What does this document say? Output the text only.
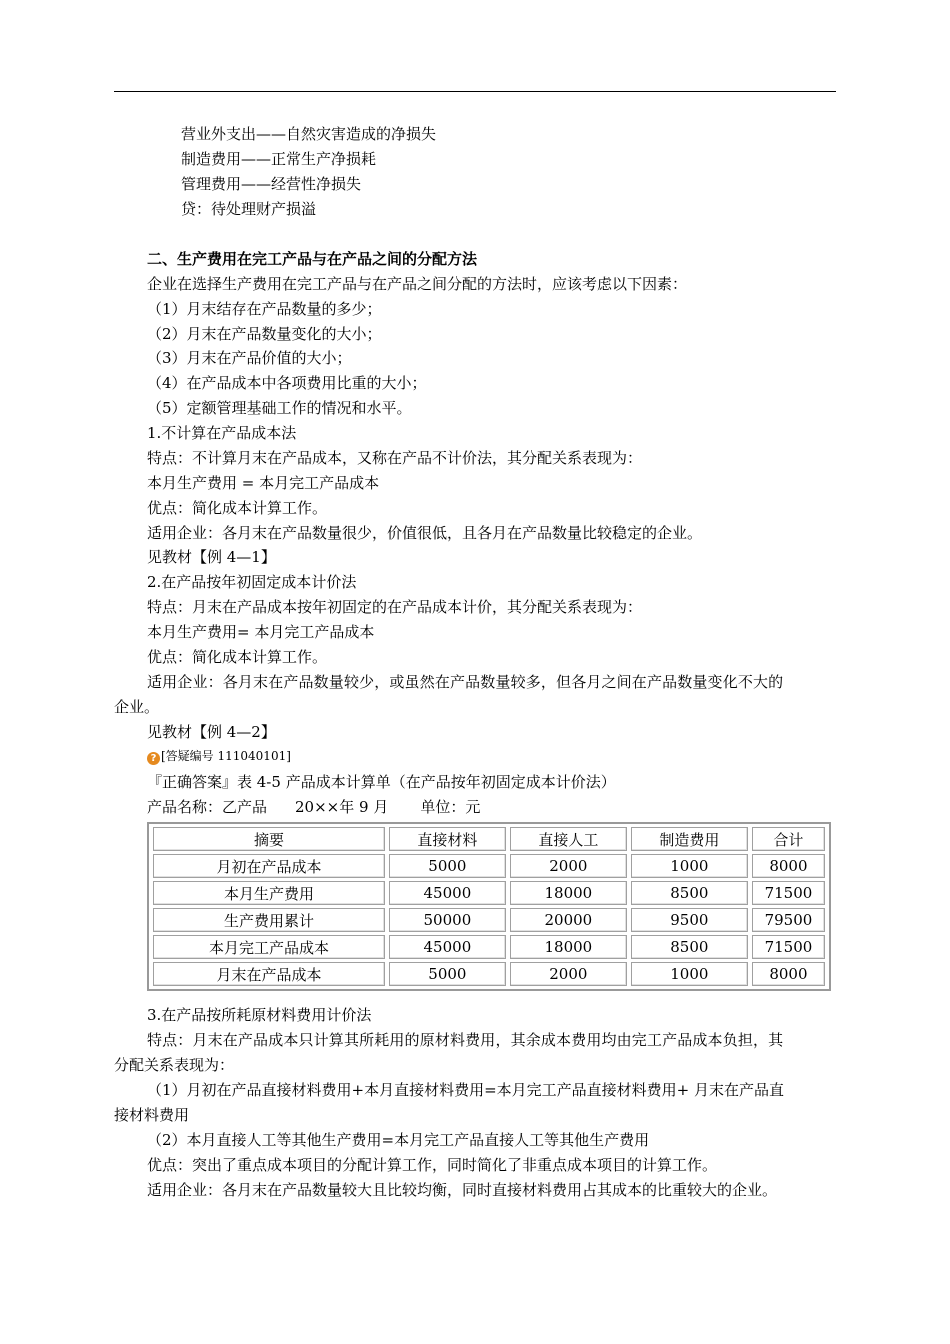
营业外支出——自然灾害造成的净损失
制造费用——正常生产净损耗
管理费用——经营性净损失
贷：待处理财产损溢
二、生产费用在完工产品与在产品之间的分配方法
企业在选择生产费用在完工产品与在产品之间分配的方法时，应该考虑以下因素：
（1）月末结存在产品数量的多少；
（2）月末在产品数量变化的大小；
（3）月末在产品价值的大小；
（4）在产品成本中各项费用比重的大小；
（5）定额管理基础工作的情况和水平。
1.不计算在产品成本法
特点：不计算月末在产品成本，又称在产品不计价法，其分配关系表现为：
本月生产费用 = 本月完工产品成本
优点：简化成本计算工作。
适用企业：各月末在产品数量很少，价值很低，且各月在产品数量比较稳定的企业。
见教材【例 4—1】
2.在产品按年初固定成本计价法
特点：月末在产品成本按年初固定的在产品成本计价，其分配关系表现为：
本月生产费用= 本月完工产品成本
优点：简化成本计算工作。
适用企业：各月末在产品数量较少，或虽然在产品数量较多，但各月之间在产品数量变化不大的
企业。
见教材【例 4—2】
? [答疑编号 111040101]
『正确答案』表 4-5 产品成本计算单（在产品按年初固定成本计价法）
产品名称：乙产品 20××年 9 月 单位：元
摘要	直接材料	直接人工	制造费用	合计
月初在产品成本	5000	2000	1000	8000
本月生产费用	45000	18000	8500	71500
生产费用累计	50000	20000	9500	79500
本月完工产品成本	45000	18000	8500	71500
月末在产品成本	5000	2000	1000	8000
3.在产品按所耗原材料费用计价法
特点：月末在产品成本只计算其所耗用的原材料费用，其余成本费用均由完工产品成本负担，其
分配关系表现为：
（1）月初在产品直接材料费用+本月直接材料费用=本月完工产品直接材料费用+ 月末在产品直
接材料费用
（2）本月直接人工等其他生产费用=本月完工产品直接人工等其他生产费用
优点：突出了重点成本项目的分配计算工作，同时简化了非重点成本项目的计算工作。
适用企业：各月末在产品数量较大且比较均衡，同时直接材料费用占其成本的比重较大的企业。
